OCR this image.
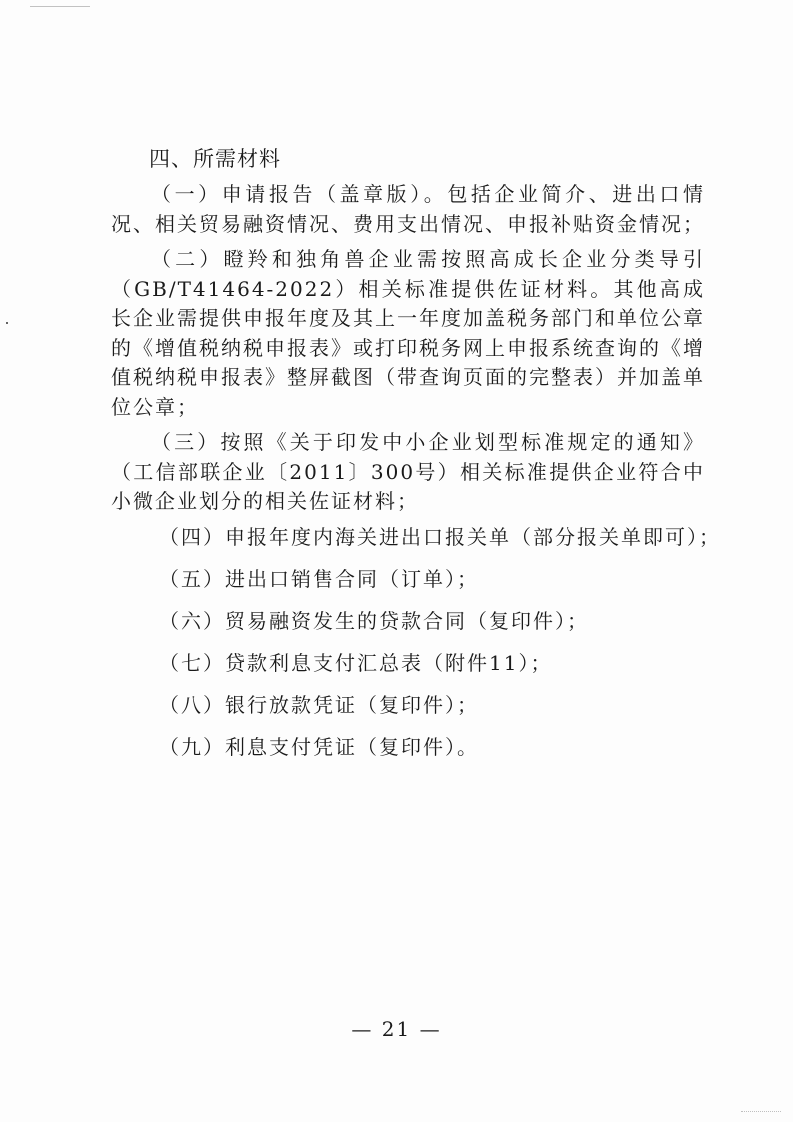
四、所需材料

（一）申请报告（盖章版）。包括企业简介、进出口情况、相关贸易融资情况、费用支出情况、申报补贴资金情况；

（二）瞪羚和独角兽企业需按照高成长企业分类导引（GB/T41464-2022）相关标准提供佐证材料。其他高成长企业需提供申报年度及其上一年度加盖税务部门和单位公章的《增值税纳税申报表》或打印税务网上申报系统查询的《增值税纳税申报表》整屏截图（带查询页面的完整表）并加盖单位公章；

（三）按照《关于印发中小企业划型标准规定的通知》（工信部联企业〔2011〕300号）相关标准提供企业符合中小微企业划分的相关佐证材料；

（四）申报年度内海关进出口报关单（部分报关单即可）；
（五）进出口销售合同（订单）；
（六）贸易融资发生的贷款合同（复印件）；
（七）贷款利息支付汇总表（附件11）；
（八）银行放款凭证（复印件）；
（九）利息支付凭证（复印件）。
— 21 —
